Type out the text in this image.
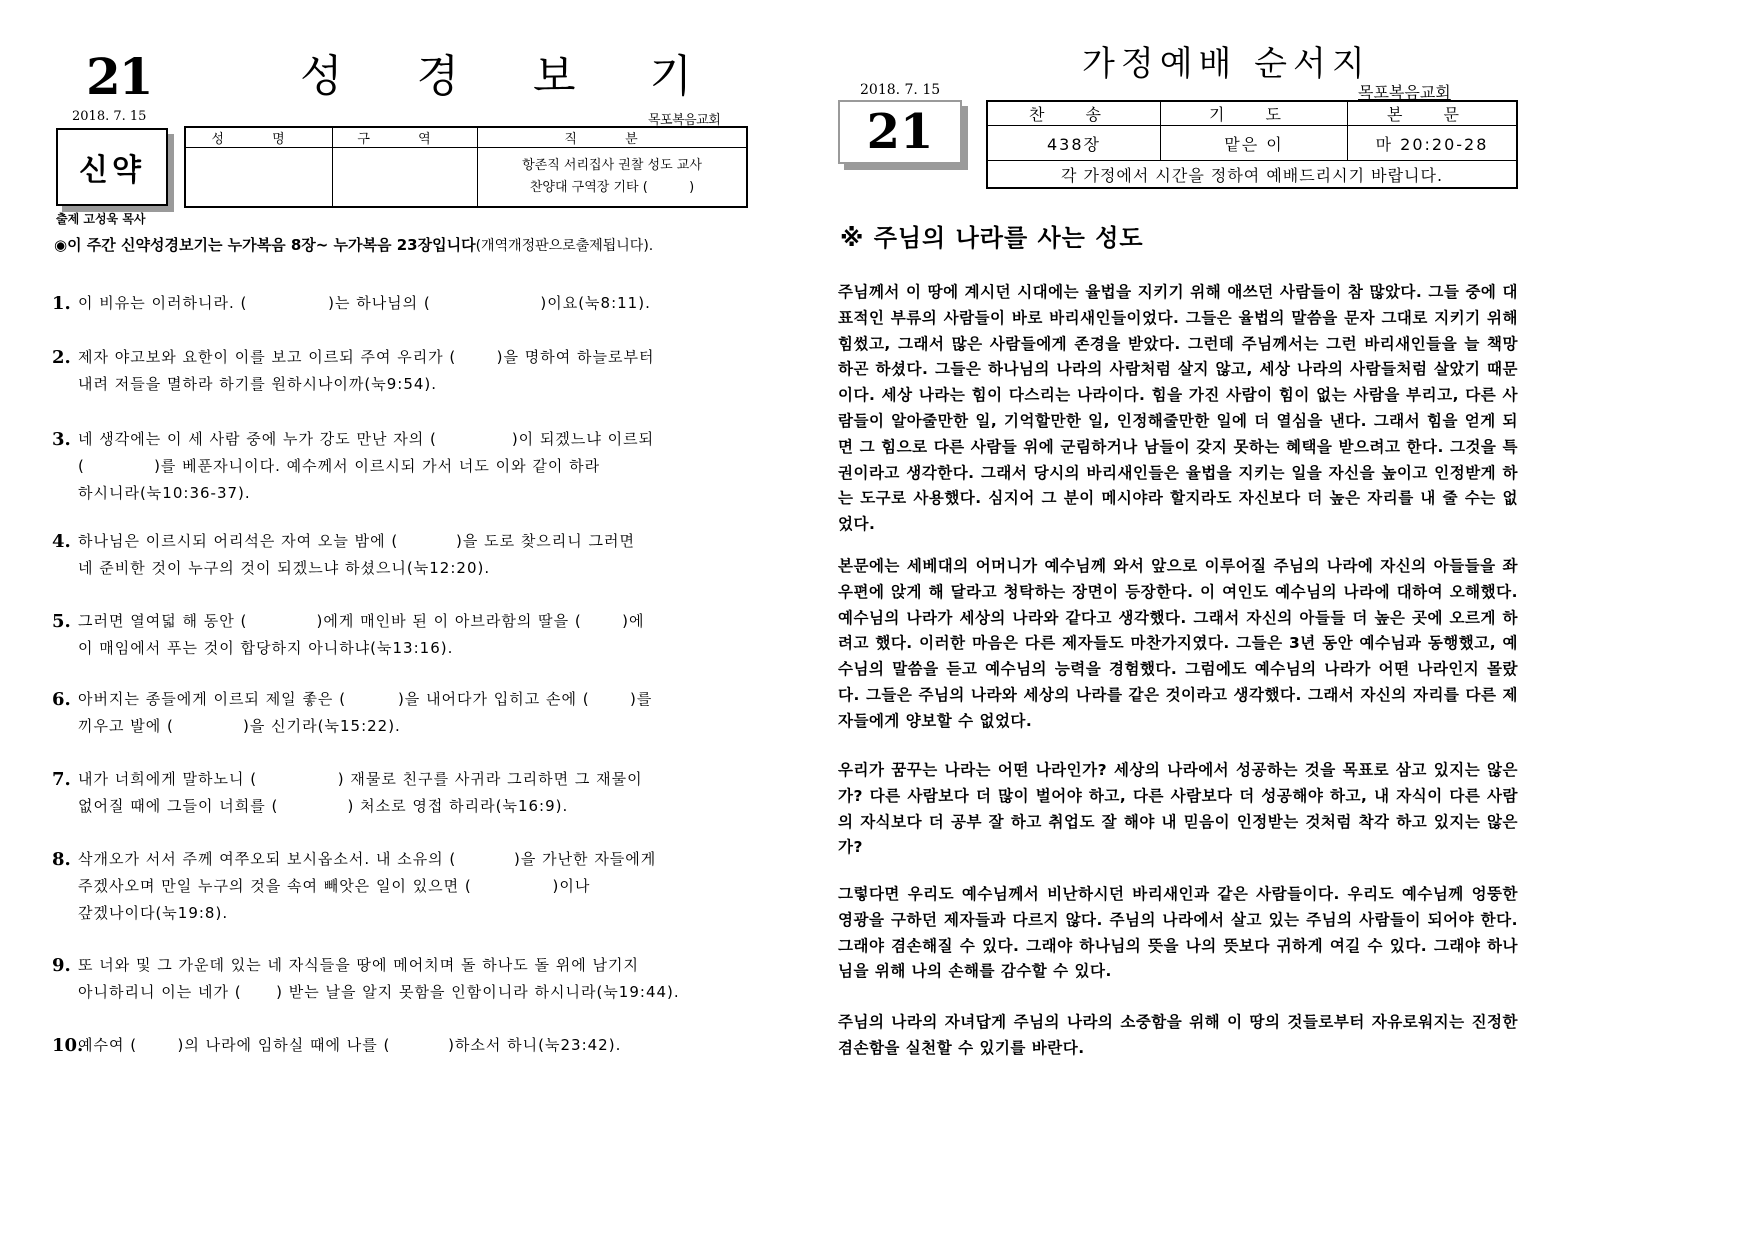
21	성 경 보 기
2018. 7. 15	목포복음교회
신약
출제 고성욱 목사
성 명	구 역	직 분

		항존직 서리집사 권찰 성도 교사
찬양대 구역장 기타 (          )
◉이 주간 신약성경보기는 누가복음 8장~ 누가복음 23장입니다(개역개정판으로출제됩니다).
1. 이 비유는 이러하니라. (              )는 하나님의 (                   )이요(눅8:11).
2. 제자 야고보와 요한이 이를 보고 이르되 주여 우리가 (       )을 명하여 하늘로부터
내려 저들을 멸하라 하기를 원하시나이까(눅9:54).
3. 네 생각에는 이 세 사람 중에 누가 강도 만난 자의 (             )이 되겠느냐 이르되
(            )를 베푼자니이다. 예수께서 이르시되 가서 너도 이와 같이 하라
하시니라(눅10:36-37).
4. 하나님은 이르시되 어리석은 자여 오늘 밤에 (          )을 도로 찾으리니 그러면
네 준비한 것이 누구의 것이 되겠느냐 하셨으니(눅12:20).
5. 그러면 열여덟 해 동안 (            )에게 매인바 된 이 아브라함의 딸을 (       )에
이 매임에서 푸는 것이 합당하지 아니하냐(눅13:16).
6. 아버지는 종들에게 이르되 제일 좋은 (         )을 내어다가 입히고 손에 (       )를
끼우고 발에 (            )을 신기라(눅15:22).
7. 내가 너희에게 말하노니 (              ) 재물로 친구를 사귀라 그리하면 그 재물이
없어질 때에 그들이 너희를 (            ) 처소로 영접 하리라(눅16:9).
8. 삭개오가 서서 주께 여쭈오되 보시옵소서. 내 소유의 (          )을 가난한 자들에게
주겠사오며 만일 누구의 것을 속여 빼앗은 일이 있으면 (              )이나
갚겠나이다(눅19:8).
9. 또 너와 및 그 가운데 있는 네 자식들을 땅에 메어치며 돌 하나도 돌 위에 남기지
아니하리니 이는 네가 (      ) 받는 날을 알지 못함을 인함이니라 하시니라(눅19:44).
10.
예수여 (       )의 나라에 임하실 때에 나를 (          )하소서 하니(눅23:42).
가정예배 순서지
2018. 7. 15	목포복음교회
21	찬 송	기 도	본 문
438장	맡은 이	마 20:20-28
각 가정에서 시간을 정하여 예배드리시기 바랍니다.		
※ 주님의 나라를 사는 성도
주님께서 이 땅에 계시던 시대에는 율법을 지키기 위해 애쓰던 사람들이 참 많았다. 그들 중에 대표적인 부류의 사람들이 바로 바리새인들이었다. 그들은 율법의 말씀을 문자 그대로 지키기 위해 힘썼고, 그래서 많은 사람들에게 존경을 받았다. 그런데 주님께서는 그런 바리새인들을 늘 책망하곤 하셨다. 그들은 하나님의 나라의 사람처럼 살지 않고, 세상 나라의 사람들처럼 살았기 때문이다. 세상 나라는 힘이 다스리는 나라이다. 힘을 가진 사람이 힘이 없는 사람을 부리고, 다른 사람들이 알아줄만한 일, 기억할만한 일, 인정해줄만한 일에 더 열심을 낸다. 그래서 힘을 얻게 되면 그 힘으로 다른 사람들 위에 군림하거나 남들이 갖지 못하는 혜택을 받으려고 한다. 그것을 특권이라고 생각한다. 그래서 당시의 바리새인들은 율법을 지키는 일을 자신을 높이고 인정받게 하는 도구로 사용했다. 심지어 그 분이 메시야라 할지라도 자신보다 더 높은 자리를 내 줄 수는 없었다.
본문에는 세베대의 어머니가 예수님께 와서 앞으로 이루어질 주님의 나라에 자신의 아들들을 좌우편에 앉게 해 달라고 청탁하는 장면이 등장한다. 이 여인도 예수님의 나라에 대하여 오해했다. 예수님의 나라가 세상의 나라와 같다고 생각했다. 그래서 자신의 아들들 더 높은 곳에 오르게 하려고 했다. 이러한 마음은 다른 제자들도 마찬가지였다. 그들은 3년 동안 예수님과 동행했고, 예수님의 말씀을 듣고 예수님의 능력을 경험했다. 그럼에도 예수님의 나라가 어떤 나라인지 몰랐다. 그들은 주님의 나라와 세상의 나라를 같은 것이라고 생각했다. 그래서 자신의 자리를 다른 제자들에게 양보할 수 없었다.
우리가 꿈꾸는 나라는 어떤 나라인가? 세상의 나라에서 성공하는 것을 목표로 삼고 있지는 않은가? 다른 사람보다 더 많이 벌어야 하고, 다른 사람보다 더 성공해야 하고, 내 자식이 다른 사람의 자식보다 더 공부 잘 하고 취업도 잘 해야 내 믿음이 인정받는 것처럼 착각 하고 있지는 않은가?
그렇다면 우리도 예수님께서 비난하시던 바리새인과 같은 사람들이다. 우리도 예수님께 엉뚱한 영광을 구하던 제자들과 다르지 않다. 주님의 나라에서 살고 있는 주님의 사람들이 되어야 한다. 그래야 겸손해질 수 있다. 그래야 하나님의 뜻을 나의 뜻보다 귀하게 여길 수 있다. 그래야 하나님을 위해 나의 손해를 감수할 수 있다.
주님의 나라의 자녀답게 주님의 나라의 소중함을 위해 이 땅의 것들로부터 자유로워지는 진정한 겸손함을 실천할 수 있기를 바란다.
